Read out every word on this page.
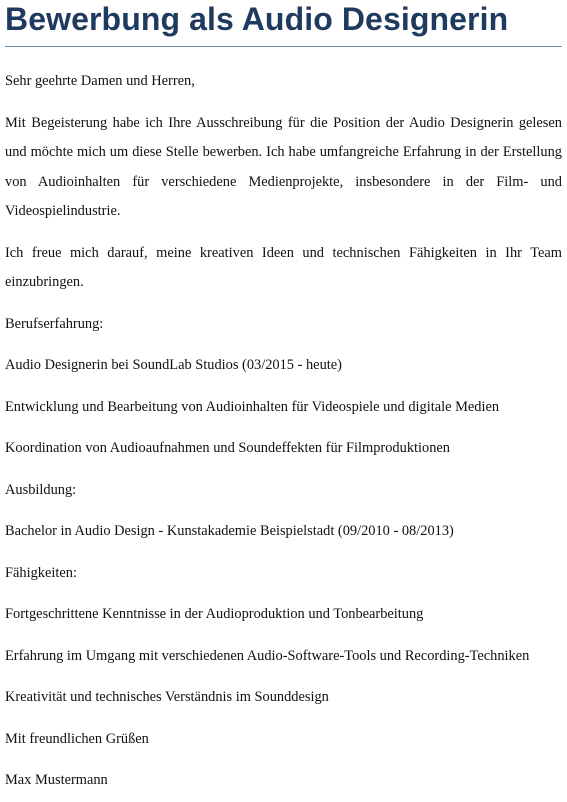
Bewerbung als Audio Designerin

Sehr geehrte Damen und Herren,

Mit Begeisterung habe ich Ihre Ausschreibung für die Position der Audio Designerin gelesen und möchte mich um diese Stelle bewerben. Ich habe umfangreiche Erfahrung in der Erstellung von Audioinhalten für verschiedene Medienprojekte, insbesondere in der Film- und Videospielindustrie.

Ich freue mich darauf, meine kreativen Ideen und technischen Fähigkeiten in Ihr Team einzubringen.

Berufserfahrung:

Audio Designerin bei SoundLab Studios (03/2015 - heute)

Entwicklung und Bearbeitung von Audioinhalten für Videospiele und digitale Medien

Koordination von Audioaufnahmen und Soundeffekten für Filmproduktionen

Ausbildung:

Bachelor in Audio Design - Kunstakademie Beispielstadt (09/2010 - 08/2013)

Fähigkeiten:

Fortgeschrittene Kenntnisse in der Audioproduktion und Tonbearbeitung

Erfahrung im Umgang mit verschiedenen Audio-Software-Tools und Recording-Techniken

Kreativität und technisches Verständnis im Sounddesign

Mit freundlichen Grüßen

Max Mustermann
